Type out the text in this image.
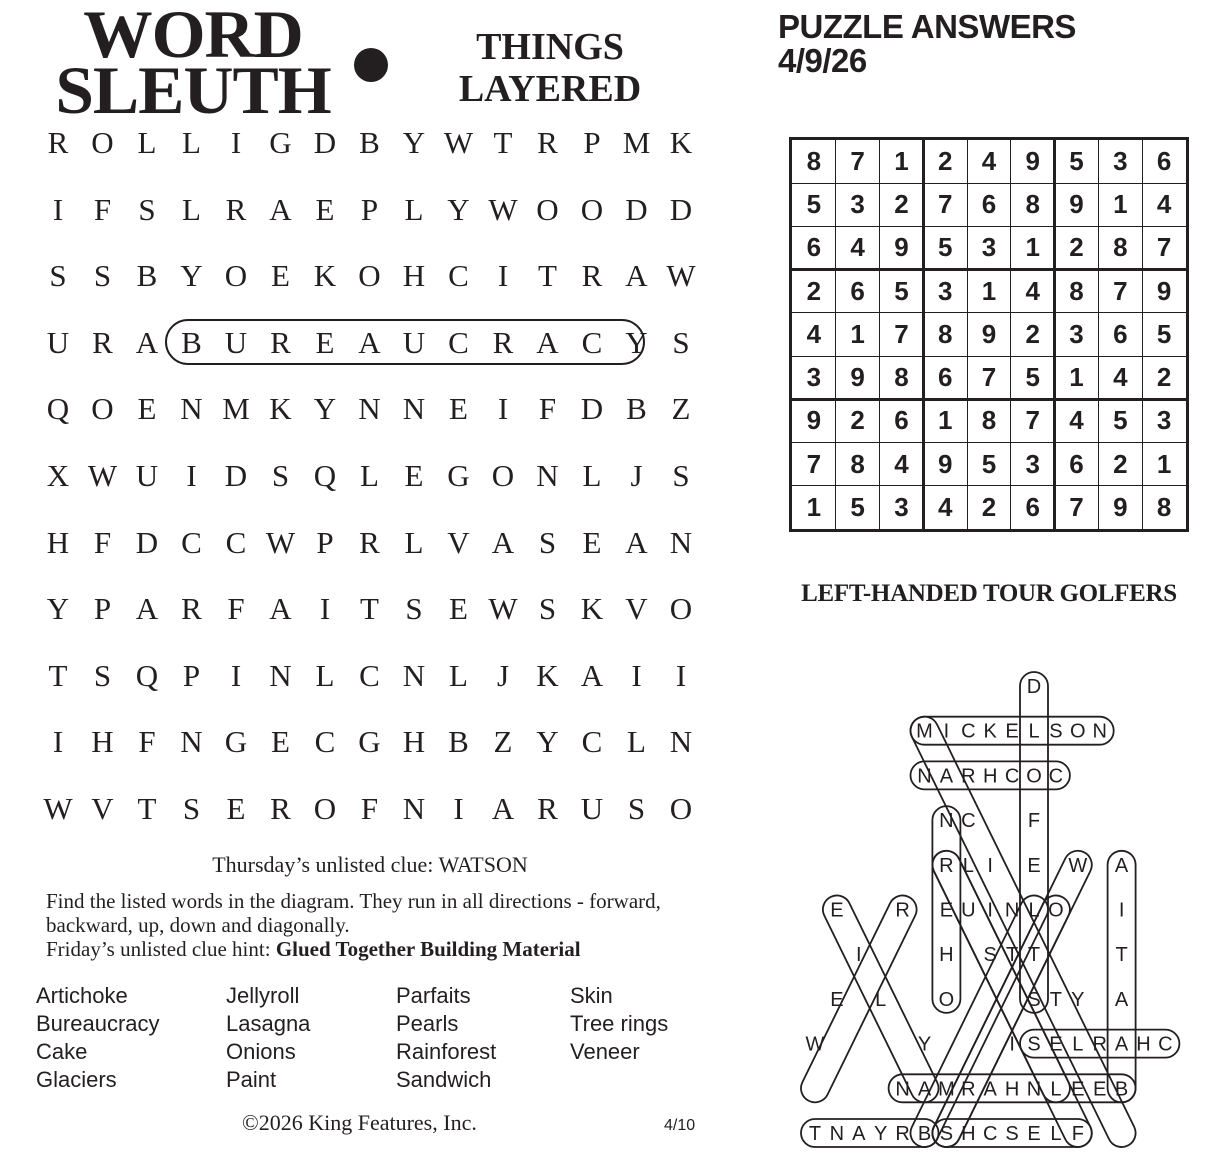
WORD
SLEUTH
THINGS
LAYERED
R O L L I G D B Y W T R P M K
I F S L R A E P L Y W O O D D
S S B Y O E K O H C I T R A W
U R A B U R E A U C R A C Y S
Q O E N M K Y N N E I F D B Z
X W U I D S Q L E G O N L J S
H F D C C W P R L V A S E A N
Y P A R F A I T S E W S K V O
T S Q P I N L C N L J K A I	I
I H F N G E C G H B Z Y C L N
W V T S E R O F N I A R U S O
Thursday’s unlisted clue: WATSON
Find the listed words in the diagram. They run in all directions - forward, backward, up, down and diagonally.
Friday’s unlisted clue hint: Glued Together Building Material
Artichoke
Bureaucracy
Cake
Glaciers
Jellyroll
Lasagna
Onions
Paint
Parfaits
Pearls
Rainforest
Sandwich
Skin
Tree rings
Veneer
©2026 King Features, Inc.	4/10
PUZZLE ANSWERS
4/9/26
8	7	1	2	4	9	5	3	6
5	3	2	7	6	8	9	1	4
6	4	9	5	3	1	2	8	7
2	6	5	3	1	4	8	7	9
4	1	7	8	9	2	3	6	5
3	9	8	6	7	5	1	4	2
9	2	6	1	8	7	4	5	3
7	8	4	9	5	3	6	2	1
1	5	3	4	2	6	7	9	8
LEFT-HANDED TOUR GOLFERS
D
M I C K E L S O N
N A R H C O C
N C	F
R L I E W A
E	R E U I N L O	I
I	H S T T	T
E L	O	S T Y A
W	Y	I S E L R A H C
N A M R A H N L E E B
T N A Y R B S H C S E L F
